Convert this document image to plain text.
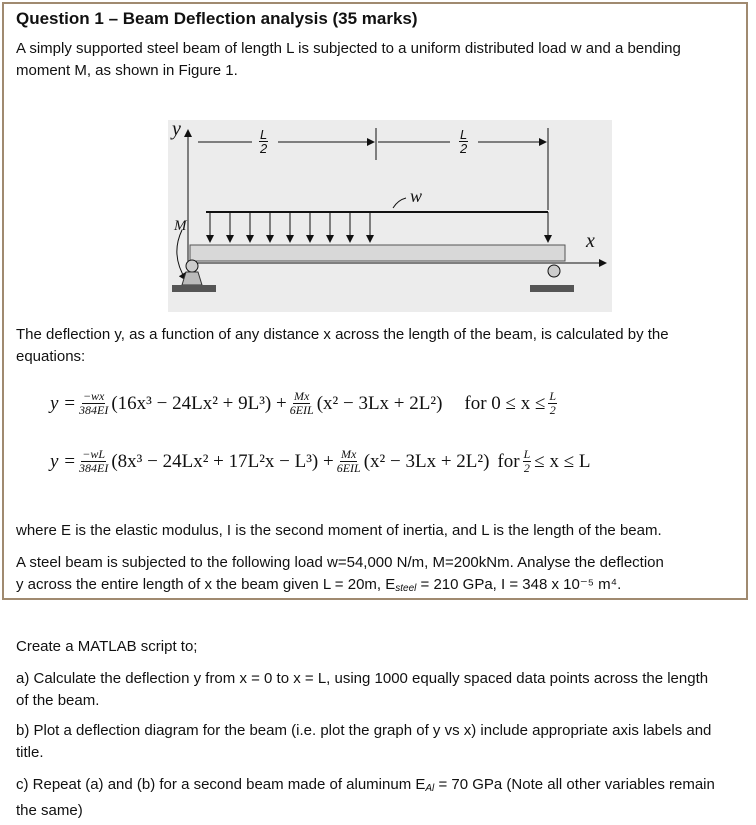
Question 1 – Beam Deflection analysis (35 marks)
A simply supported steel beam of length L is subjected to a uniform distributed load w and a bending moment M, as shown in Figure 1.
y	$\frac{L}{2}$	$\frac{L}{2}$
w
M
x
The deflection y, as a function of any distance x across the length of the beam, is calculated by the equations:
$y = \frac{-wx}{384EI} (16x^3 - 24Lx^2 + 9L^3) + \frac{Mx}{\text{6EIL}} (x^2 - 3Lx + 2L^2)$ for $0 \le x \le \frac{L}{2}$
$y = \frac{-wL}{384EI} (8x^3 - 24Lx^2 + 17L^2x - L^3) + \frac{Mx}{\text{6EIL}} (x^2 - 3Lx + 2L^2)$ for $\frac{L}{2} \le x \le L$
where E is the elastic modulus, I is the second moment of inertia, and L is the length of the beam.
A steel beam is subjected to the following load w=54,000 N/m, M=200kNm. Analyse the deflection
y across the entire length of x the beam given L = 20m, $E_{steel} = 210$ GPa, I = 348 x 10⁻⁵ m⁴.
Create a MATLAB script to;
a) Calculate the deflection y from x = 0 to x = L, using 1000 equally spaced data points across the length of the beam.
b) Plot a deflection diagram for the beam (i.e. plot the graph of y vs x) include appropriate axis labels and title.
c) Repeat (a) and (b) for a second beam made of aluminum $E_{Al} = 70$ GPa (Note all other variables remain the same)
